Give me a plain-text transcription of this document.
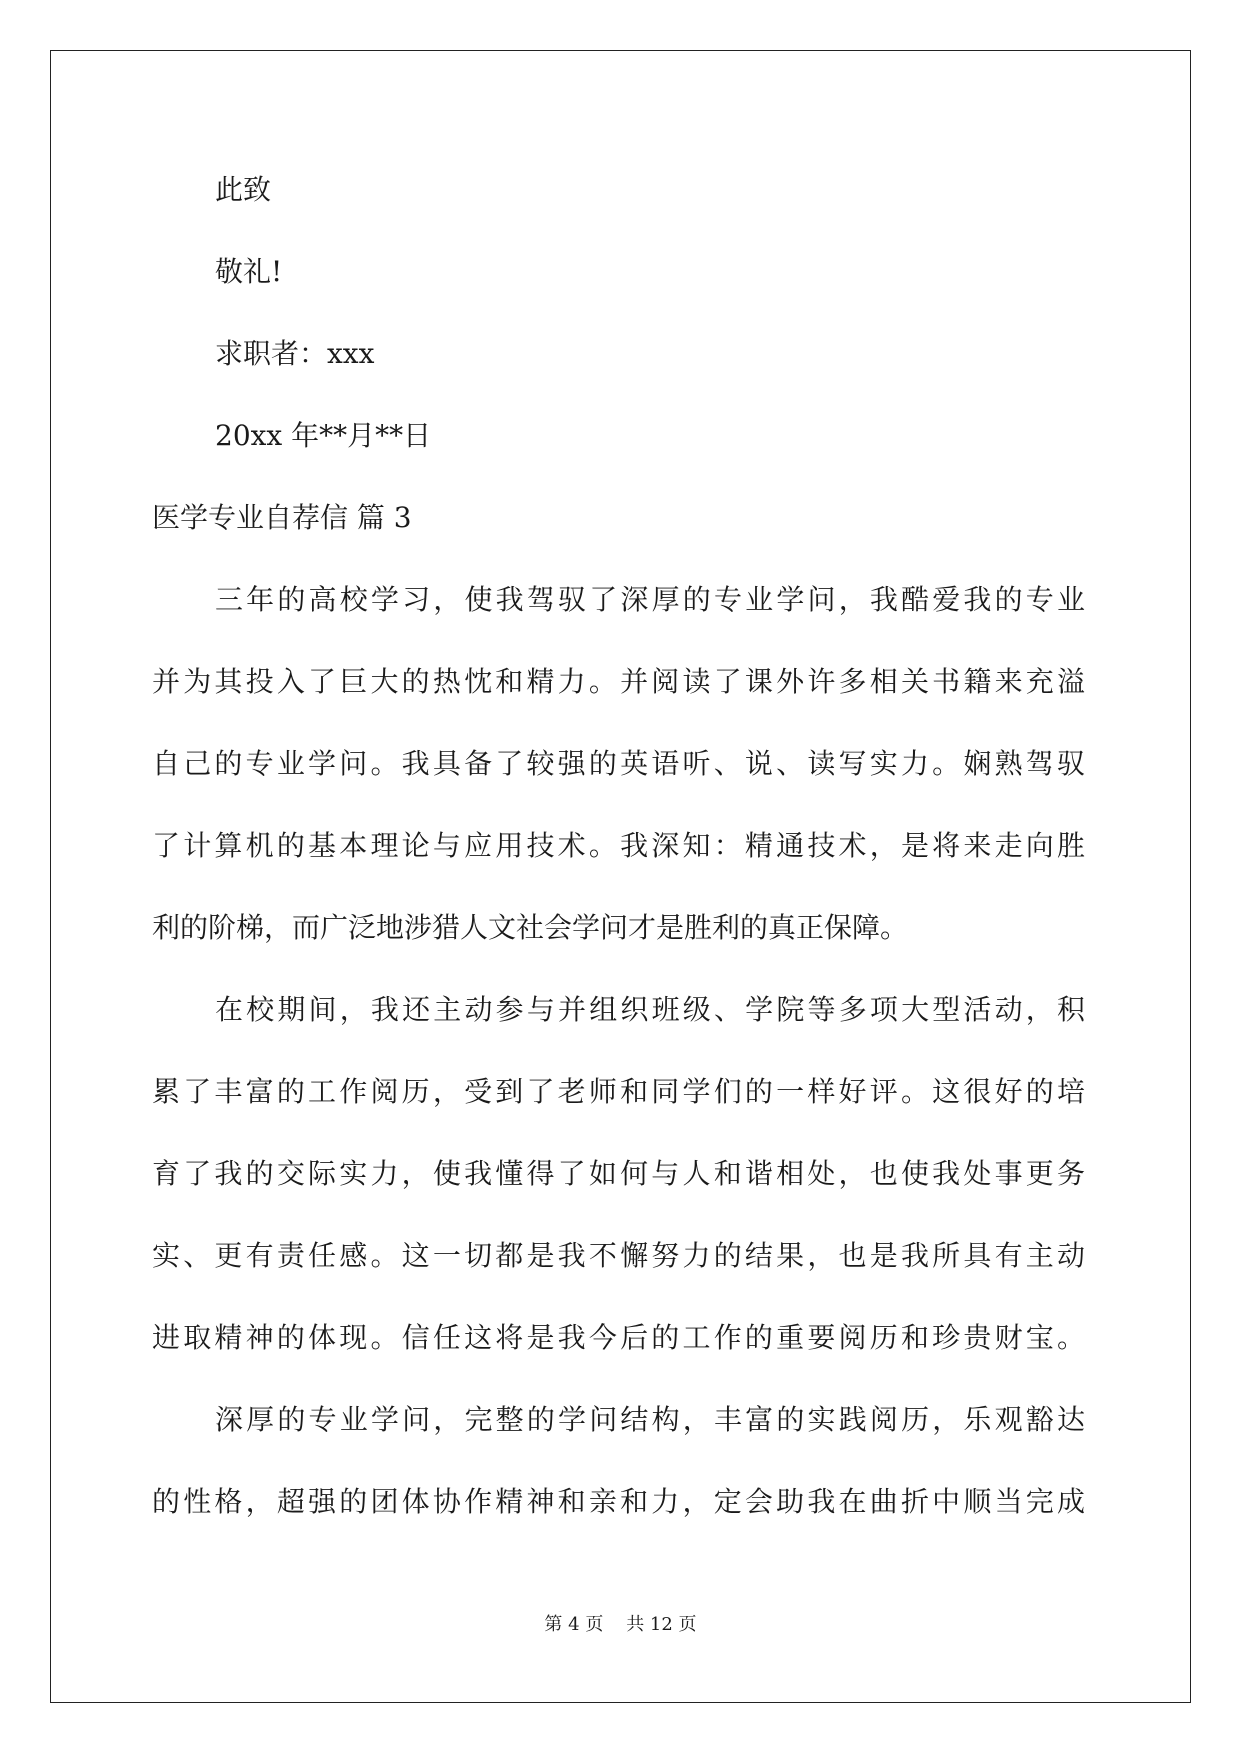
此致
敬礼!
求职者：xxx
20xx 年**月**日
医学专业自荐信 篇 3
三年的高校学习，使我驾驭了深厚的专业学问，我酷爱我的专业
并为其投入了巨大的热忱和精力。并阅读了课外许多相关书籍来充溢
自己的专业学问。我具备了较强的英语听、说、读写实力。娴熟驾驭
了计算机的基本理论与应用技术。我深知：精通技术，是将来走向胜
利的阶梯，而广泛地涉猎人文社会学问才是胜利的真正保障。
在校期间，我还主动参与并组织班级、学院等多项大型活动，积
累了丰富的工作阅历，受到了老师和同学们的一样好评。这很好的培
育了我的交际实力，使我懂得了如何与人和谐相处，也使我处事更务
实、更有责任感。这一切都是我不懈努力的结果，也是我所具有主动
进取精神的体现。信任这将是我今后的工作的重要阅历和珍贵财宝。
深厚的专业学问，完整的学问结构，丰富的实践阅历，乐观豁达
的性格，超强的团体协作精神和亲和力，定会助我在曲折中顺当完成
第 4 页    共 12 页
